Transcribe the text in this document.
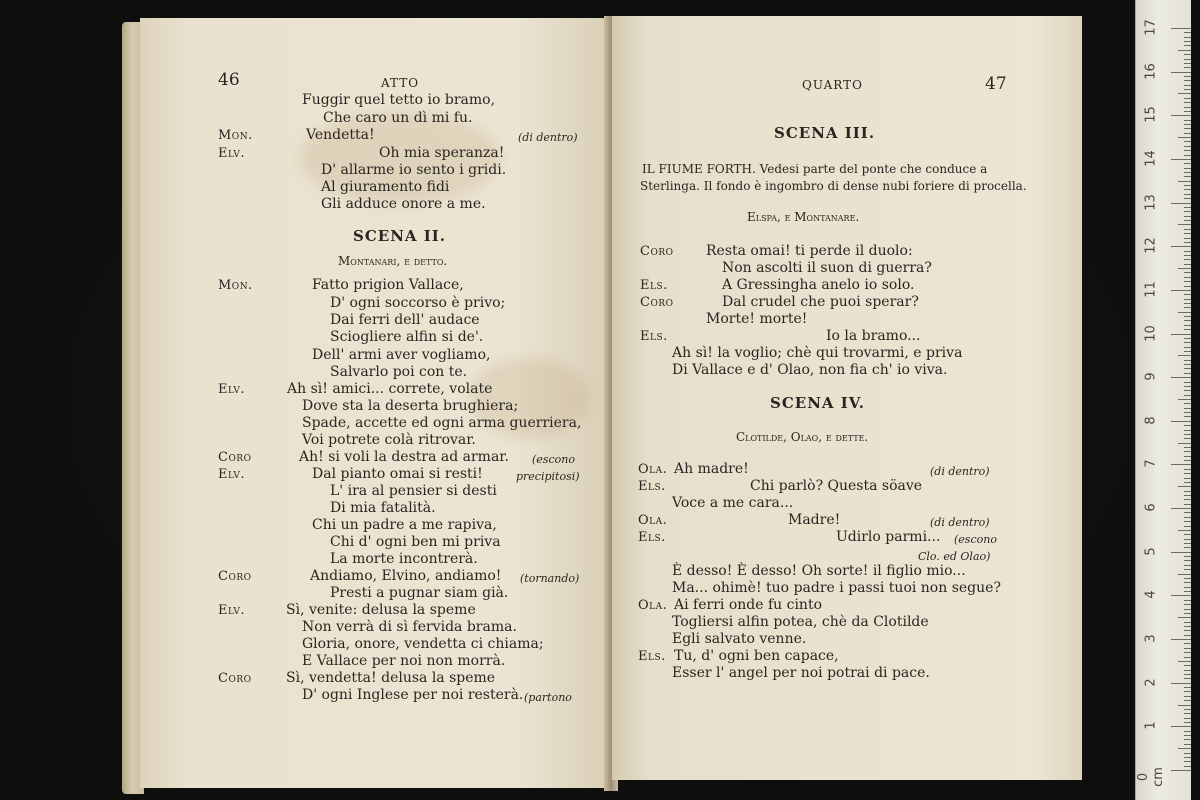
46	ATTO
Fuggir quel tetto io bramo,
Che caro un dì mi fu.
Mon.	Vendetta!	(di dentro)
Elv.	Oh mia speranza!
D' allarme io sento i gridi.
Al giuramento fidi
Gli adduce onore a me.
SCENA II.
Montanari, e detto.
Mon.	Fatto prigion Vallace,
D' ogni soccorso è privo;
Dai ferri dell' audace
Sciogliere alfin si de'.
Dell' armi aver vogliamo,
Salvarlo poi con te.
Elv.	Ah sì! amici... correte, volate
Dove sta la deserta brughiera;
Spade, accette ed ogni arma guerriera,
Voi potrete colà ritrovar.
Coro	Ah! si voli la destra ad armar. (escono
Elv.	Dal pianto omai si resti!	precipitosi)
L' ira al pensier si desti
Di mia fatalità.
Chi un padre a me rapiva,
Chi d' ogni ben mi priva
La morte incontrerà.
Coro	Andiamo, Elvino, andiamo! (tornando)
Presti a pugnar siam già.
Elv.	Sì, venite: delusa la speme
Non verrà di sì fervida brama.
Gloria, onore, vendetta ci chiama;
E Vallace per noi non morrà.
Coro Sì, vendetta! delusa la speme
D' ogni Inglese per noi resterà. (partono
QUARTO	47
SCENA III.
IL FIUME FORTH. Vedesi parte del ponte che conduce a
Sterlinga. Il fondo è ingombro di dense nubi foriere di procella.
Elspa, e Montanare.
Coro Resta omai! ti perde il duolo:
Non ascolti il suon di guerra?
Els.	A Gressingha anelo io solo.
Coro	Dal crudel che puoi sperar?
Morte! morte!
Els.	Io la bramo...
Ah sì! la voglio; chè qui trovarmi, e priva
Di Vallace e d' Olao, non fia ch' io viva.
SCENA IV.
Clotilde, Olao, e dette.
Ola. Ah madre!	(di dentro)
Els.	Chi parlò? Questa söave
Voce a me cara...
Ola.	Madre!	(di dentro)
Els.	Udirlo parmi... (escono
Clo. ed Olao)
È desso! È desso! Oh sorte! il figlio mio...
Ma... ohimè! tuo padre i passi tuoi non segue?
Ola. Ai ferri onde fu cinto
Togliersi alfin potea, chè da Clotilde
Egli salvato venne.
Els. Tu, d' ogni ben capace,
Esser l' angel per noi potrai di pace.
17
16
15
14
13
12
11
10
9
8
7
6
5
4
3
2
1
0 cm
